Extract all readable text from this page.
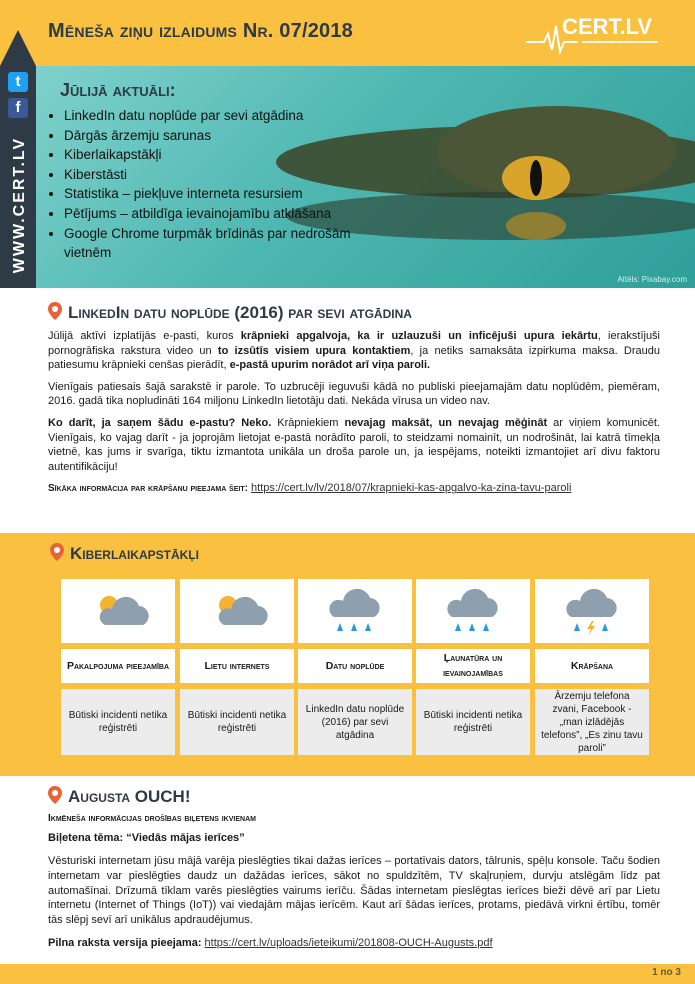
Mēneša ziņu izlaidums Nr. 07/2018	CERT.LV
t
f
WWW.CERT.LV
Jūlijā aktuāli:
• LinkedIn datu noplūde par sevi atgādina
• Dārgās ārzemju sarunas
• Kiberlaikapstākļi
• Kiberstāsti
• Statistika – piekļuve interneta resursiem
• Pētījums – atbildīga ievainojamību atklāšana
• Google Chrome turpmāk brīdinās par nedrošām vietnēm
Attēls: Pixabay.com
LinkedIn datu noplūde (2016) par sevi atgādina

Jūlijā aktīvi izplatījās e-pasti, kuros krāpnieki apgalvoja, ka ir uzlauzuši un inficējuši upura iekārtu, ierakstījuši pornogrāfiska rakstura video un to izsūtīs visiem upura kontaktiem, ja netiks samaksāta izpirkuma maksa. Draudu patiesumu krāpnieki cenšas pierādīt, e-pastā upurim norādot arī viņa paroli.

Vienīgais patiesais šajā sarakstē ir parole. To uzbrucēji ieguvuši kādā no publiski pieejamajām datu noplūdēm, piemēram, 2016. gadā tika nopludināti 164 miljonu LinkedIn lietotāju dati. Nekāda vīrusa un video nav.

Ko darīt, ja saņem šādu e-pastu? Neko. Krāpniekiem nevajag maksāt, un nevajag mēģināt ar viņiem komunicēt. Vienīgais, ko vajag darīt - ja joprojām lietojat e-pastā norādīto paroli, to steidzami nomainīt, un nodrošināt, lai katrā tīmekļa vietnē, kas jums ir svarīga, tiktu izmantota unikāla un droša parole un, ja iespējams, noteikti izmantojiet arī divu faktoru autentifikāciju!

Sīkāka informācija par krāpšanu pieejama šeit: https://cert.lv/lv/2018/07/krapnieki-kas-apgalvo-ka-zina-tavu-paroli

Kiberlaikapstākļi
Pakalpojuma pieejamība
Būtiski incidenti netika reģistrēti
Lietu internets
Būtiski incidenti netika reģistrēti
Datu noplūde
LinkedIn datu noplūde (2016) par sevi atgādina
Ļaunatūra un ievainojamības
Būtiski incidenti netika reģistrēti
Krāpšana
Ārzemju telefona zvani, Facebook - „man izlādējās telefons”, „Es zinu tavu paroli”
Augusta OUCH!
Ikmēneša informācijas drošības biļetens ikvienam
Biļetena tēma: “Viedās mājas ierīces”

Vēsturiski internetam jūsu mājā varēja pieslēgties tikai dažas ierīces – portatīvais dators, tālrunis, spēļu konsole. Taču šodien internetam var pieslēgties daudz un dažādas ierīces, sākot no spuldzītēm, TV skaļruņiem, durvju atslēgām līdz pat automašīnai. Drīzumā tīklam varēs pieslēgties vairums ierīču. Šādas internetam pieslēgtas ierīces bieži dēvē arī par Lietu internetu (Internet of Things (IoT)) vai viedajām mājas ierīcēm. Kaut arī šādas ierīces, protams, piedāvā virkni ērtību, tomēr tās slēpj sevī arī unikālus apdraudējumus.

Pilna raksta versija pieejama: https://cert.lv/uploads/ieteikumi/201808-OUCH-Augusts.pdf

1 no 3
